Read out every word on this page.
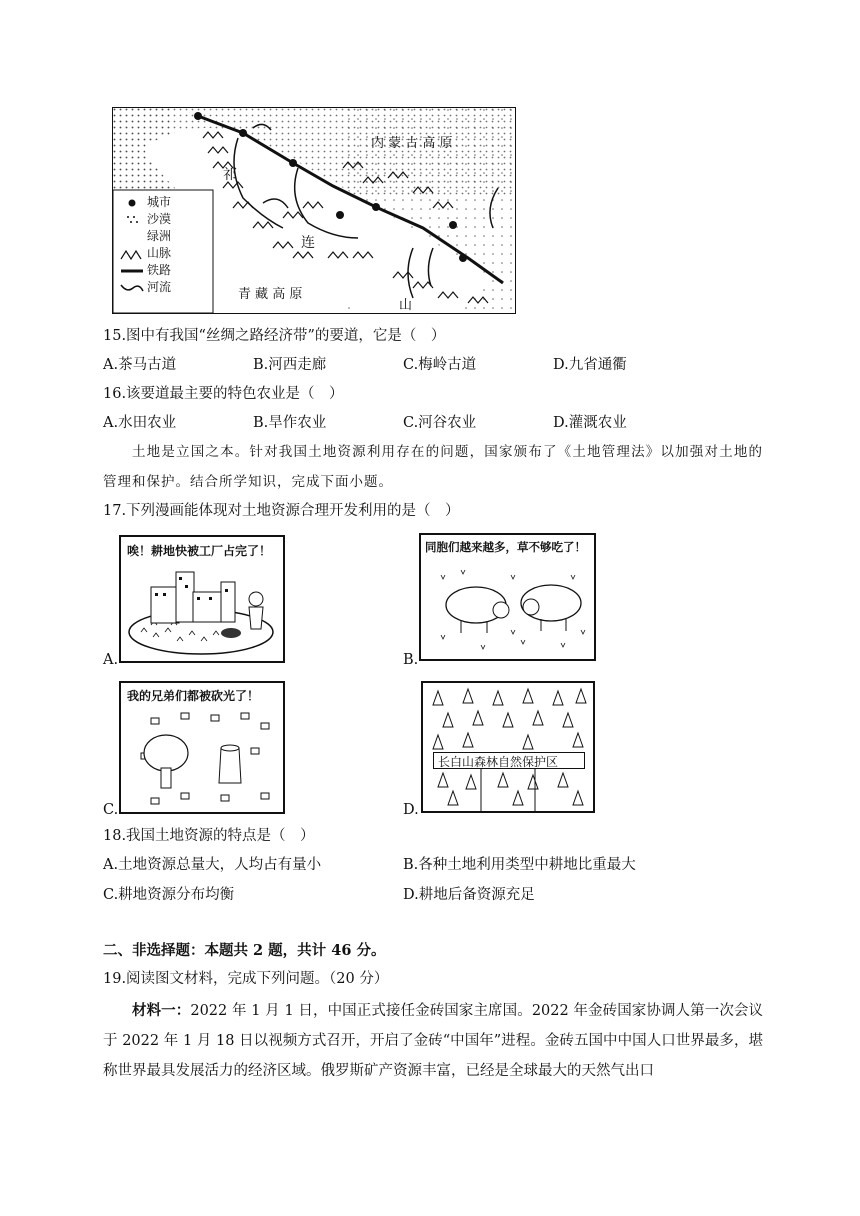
内 蒙 古 高 原
祁
连
山
青 藏 高 原
城市
沙漠
绿洲
山脉
铁路
河流
15.图中有我国“丝绸之路经济带”的要道，它是（　）
A.茶马古道	B.河西走廊	C.梅岭古道	D.九省通衢
16.该要道最主要的特色农业是（　）
A.水田农业	B.旱作农业	C.河谷农业	D.灌溉农业
土地是立国之本。针对我国土地资源利用存在的问题，国家颁布了《土地管理法》以加强对土地的管理和保护。结合所学知识，完成下面小题。
17.下列漫画能体现对土地资源合理开发利用的是（　）
A.
唉！耕地快被工厂占完了！
B.
同胞们越来越多，草不够吃了！
C.
我的兄弟们都被砍光了！
D.
长白山森林自然保护区
18.我国土地资源的特点是（　）
A.土地资源总量大，人均占有量小	B.各种土地利用类型中耕地比重最大
C.耕地资源分布均衡	D.耕地后备资源充足
二、非选择题：本题共 2 题，共计 46 分。
19.阅读图文材料，完成下列问题。（20 分）
材料一：2022 年 1 月 1 日，中国正式接任金砖国家主席国。2022 年金砖国家协调人第一次会议于 2022 年 1 月 18 日以视频方式召开，开启了金砖“中国年”进程。金砖五国中中国人口世界最多，堪称世界最具发展活力的经济区域。俄罗斯矿产资源丰富，已经是全球最大的天然气出口
